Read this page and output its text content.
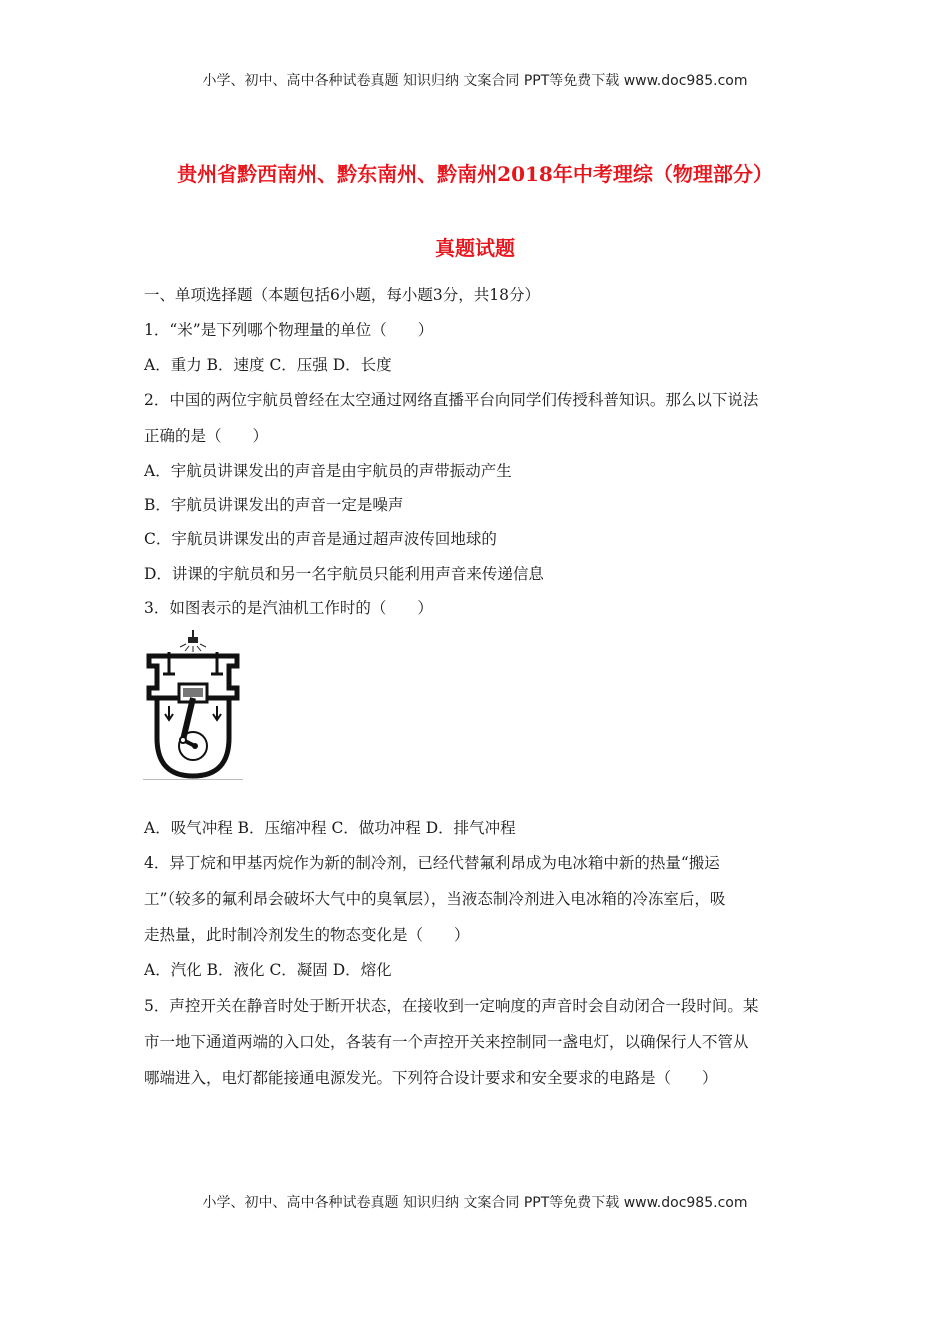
小学、初中、高中各种试卷真题 知识归纳 文案合同 PPT等免费下载 www.doc985.com
贵州省黔西南州、黔东南州、黔南州2018年中考理综（物理部分）
真题试题
一、单项选择题（本题包括6小题，每小题3分，共18分）
1．“米”是下列哪个物理量的单位（　　）
A．重力 B．速度 C．压强 D．长度
2．中国的两位宇航员曾经在太空通过网络直播平台向同学们传授科普知识。那么以下说法
正确的是（　　）
A．宇航员讲课发出的声音是由宇航员的声带振动产生
B．宇航员讲课发出的声音一定是噪声
C．宇航员讲课发出的声音是通过超声波传回地球的
D．讲课的宇航员和另一名宇航员只能利用声音来传递信息
3．如图表示的是汽油机工作时的（　　）
A．吸气冲程 B．压缩冲程 C．做功冲程 D．排气冲程
4．异丁烷和甲基丙烷作为新的制冷剂，已经代替氟利昂成为电冰箱中新的热量“搬运
工”（较多的氟利昂会破坏大气中的臭氧层），当液态制冷剂进入电冰箱的冷冻室后，吸
走热量，此时制冷剂发生的物态变化是（　　）
A．汽化 B．液化 C．凝固 D．熔化
5．声控开关在静音时处于断开状态，在接收到一定响度的声音时会自动闭合一段时间。某
市一地下通道两端的入口处，各装有一个声控开关来控制同一盏电灯，以确保行人不管从
哪端进入，电灯都能接通电源发光。下列符合设计要求和安全要求的电路是（　　）
小学、初中、高中各种试卷真题 知识归纳 文案合同 PPT等免费下载 www.doc985.com
